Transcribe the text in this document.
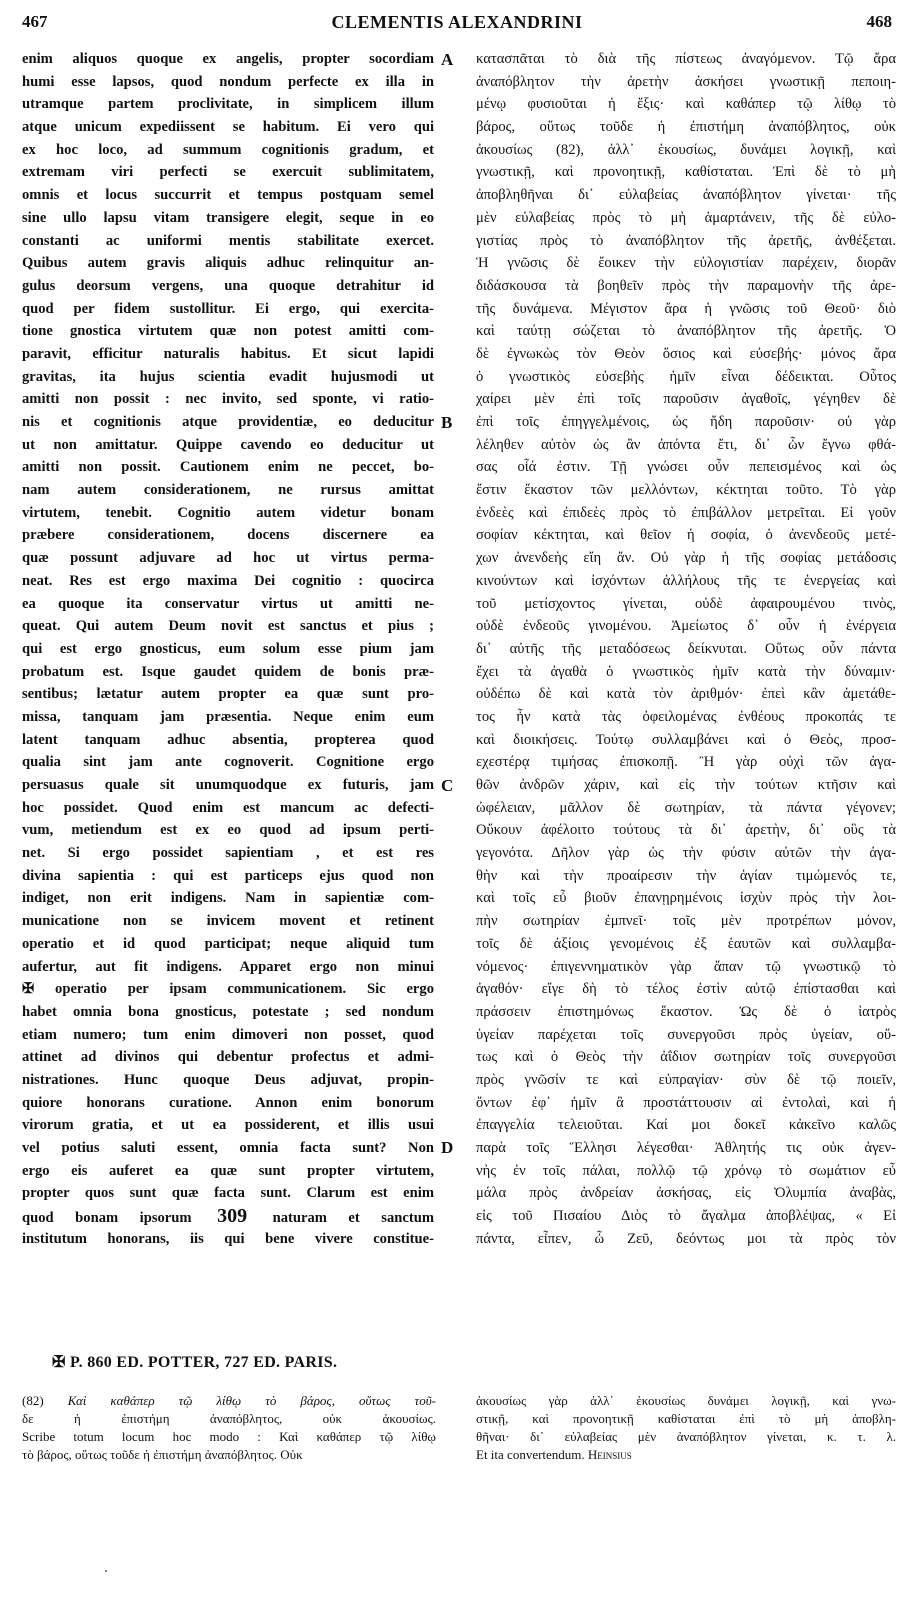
467	CLEMENTIS ALEXANDRINI	468
enim aliquos quoque ex angelis, propter socordiam
humi esse lapsos, quod nondum perfecte ex illa in
utramque partem proclivitate, in simplicem illum
atque unicum expediissent se habitum. Ei vero qui
ex hoc loco, ad summum cognitionis gradum, et
extremam viri perfecti se exercuit sublimitatem,
omnis et locus succurrit et tempus postquam semel
sine ullo lapsu vitam transigere elegit, seque in eo
constanti ac uniformi mentis stabilitate exercet.
Quibus autem gravis aliquis adhuc relinquitur an-
gulus deorsum vergens, una quoque detrahitur id
quod per fidem sustollitur. Ei ergo, qui exercita-
tione gnostica virtutem quæ non potest amitti com-
paravit, efficitur naturalis habitus. Et sicut lapidi
gravitas, ita hujus scientia evadit hujusmodi ut
amitti non possit : nec invito, sed sponte, vi ratio-
nis et cognitionis atque providentiæ, eo deducitur
ut non amittatur. Quippe cavendo eo deducitur ut
amitti non possit. Cautionem enim ne peccet, bo-
nam autem considerationem, ne rursus amittat
virtutem, tenebit. Cognitio autem videtur bonam
præbere considerationem, docens discernere ea
quæ possunt adjuvare ad hoc ut virtus perma-
neat. Res est ergo maxima Dei cognitio : quocirca
ea quoque ita conservatur virtus ut amitti ne-
queat. Qui autem Deum novit est sanctus et pius ;
qui est ergo gnosticus, eum solum esse pium jam
probatum est. Isque gaudet quidem de bonis præ-
sentibus; lætatur autem propter ea quæ sunt pro-
missa, tanquam jam præsentia. Neque enim eum
latent tanquam adhuc absentia, propterea quod
qualia sint jam ante cognoverit. Cognitione ergo
persuasus quale sit unumquodque ex futuris, jam
hoc possidet. Quod enim est mancum ac defecti-
vum, metiendum est ex eo quod ad ipsum perti-
net. Si ergo possidet sapientiam , et est res
divina sapientia : qui est particeps ejus quod non
indiget, non erit indigens. Nam in sapientiæ com-
municatione non se invicem movent et retinent
operatio et id quod participat; neque aliquid tum
aufertur, aut fit indigens. Apparet ergo non minui
✠ operatio per ipsam communicationem. Sic ergo
habet omnia bona gnosticus, potestate ; sed nondum
etiam numero; tum enim dimoveri non posset, quod
attinet ad divinos qui debentur profectus et admi-
nistrationes. Hunc quoque Deus adjuvat, propin-
quiore honorans curatione. Annon enim bonorum
virorum gratia, et ut ea possiderent, et illis usui
vel potius saluti essent, omnia facta sunt? Non
ergo eis auferet ea quæ sunt propter virtutem,
propter quos sunt quæ facta sunt. Clarum est enim
quod bonam ipsorum 309 naturam et sanctum
institutum honorans, iis qui bene vivere constitue-
κατασπᾶται τὸ διὰ τῆς πίστεως ἀναγόμενον. Τῷ ἄρα
ἀναπόβλητον τὴν ἀρετὴν ἀσκήσει γνωστικῇ πεποιη-
μένῳ φυσιοῦται ἡ ἕξις· καὶ καθάπερ τῷ λίθῳ τὸ
βάρος, οὕτως τοῦδε ἡ ἐπιστήμη ἀναπόβλητος, οὐκ
ἀκουσίως (82), ἀλλ᾽ ἑκουσίως, δυνάμει λογικῇ, καὶ
γνωστικῇ, καὶ προνοητικῇ, καθίσταται. Ἐπὶ δὲ τὸ μὴ
ἀποβληθῆναι δι᾽ εὐλαβείας ἀναπόβλητον γίνεται· τῆς
μὲν εὐλαβείας πρὸς τὸ μὴ ἁμαρτάνειν, τῆς δὲ εὐλο-
γιστίας πρὸς τὸ ἀναπόβλητον τῆς ἀρετῆς, ἀνθέξεται.
Ἡ γνῶσις δὲ ἔοικεν τὴν εὐλογιστίαν παρέχειν, διορᾶν
διδάσκουσα τὰ βοηθεῖν πρὸς τὴν παραμονὴν τῆς ἀρε-
τῆς δυνάμενα. Μέγιστον ἄρα ἡ γνῶσις τοῦ Θεοῦ· διὸ
καὶ ταύτῃ σώζεται τὸ ἀναπόβλητον τῆς ἀρετῆς. Ὁ
δὲ ἐγνωκὼς τὸν Θεὸν ὅσιος καὶ εὐσεβής· μόνος ἄρα
ὁ γνωστικὸς εὐσεβὴς ἡμῖν εἶναι δέδεικται. Οὗτος
χαίρει μὲν ἐπὶ τοῖς παροῦσιν ἀγαθοῖς, γέγηθεν δὲ
ἐπὶ τοῖς ἐπηγγελμένοις, ὡς ἤδη παροῦσιν· οὐ γὰρ
λέληθεν αὐτὸν ὡς ἂν ἀπόντα ἔτι, δι᾽ ὧν ἔγνω φθά-
σας οἷά ἐστιν. Τῇ γνώσει οὖν πεπεισμένος καὶ ὡς
ἔστιν ἕκαστον τῶν μελλόντων, κέκτηται τοῦτο. Τὸ γὰρ
ἐνδεὲς καὶ ἐπιδεὲς πρὸς τὸ ἐπιβάλλον μετρεῖται. Εἰ γοῦν
σοφίαν κέκτηται, καὶ θεῖον ἡ σοφία, ὁ ἀνενδεοῦς μετέ-
χων ἀνενδεὴς εἴη ἄν. Οὐ γὰρ ἡ τῆς σοφίας μετάδοσις
κινούντων καὶ ἰσχόντων ἀλλήλους τῆς τε ἐνεργείας καὶ
τοῦ μετίσχοντος γίνεται, οὐδὲ ἀφαιρουμένου τινὸς,
οὐδὲ ἐνδεοῦς γινομένου. Ἀμείωτος δ᾽ οὖν ἡ ἐνέργεια
δι᾽ αὐτῆς τῆς μεταδόσεως δείκνυται. Οὕτως οὖν πάντα
ἔχει τὰ ἀγαθὰ ὁ γνωστικὸς ἡμῖν κατὰ τὴν δύναμιν·
οὐδέπω δὲ καὶ κατὰ τὸν ἀριθμόν· ἐπεὶ κἂν ἀμετάθε-
τος ἦν κατὰ τὰς ὀφειλομένας ἐνθέους προκοπάς τε
καὶ διοικήσεις. Τούτῳ συλλαμβάνει καὶ ὁ Θεὸς, προσ-
εχεστέρᾳ τιμήσας ἐπισκοπῇ. Ἢ γὰρ οὐχὶ τῶν ἀγα-
θῶν ἀνδρῶν χάριν, καὶ εἰς τὴν τούτων κτῆσιν καὶ
ὠφέλειαν, μᾶλλον δὲ σωτηρίαν, τὰ πάντα γέγονεν;
Οὔκουν ἀφέλοιτο τούτους τὰ δι᾽ ἀρετὴν, δι᾽ οὓς τὰ
γεγονότα. Δῆλον γὰρ ὡς τὴν φύσιν αὐτῶν τὴν ἀγα-
θὴν καὶ τὴν προαίρεσιν τὴν ἁγίαν τιμώμενός τε,
καὶ τοῖς εὖ βιοῦν ἐπανῃρημένοις ἰσχὺν πρὸς τὴν λοι-
πὴν σωτηρίαν ἐμπνεῖ· τοῖς μὲν προτρέπων μόνον,
τοῖς δὲ ἀξίοις γενομένοις ἐξ ἑαυτῶν καὶ συλλαμβα-
νόμενος· ἐπιγεννηματικὸν γὰρ ἅπαν τῷ γνωστικῷ τὸ
ἀγαθόν· εἴγε δὴ τὸ τέλος ἐστὶν αὐτῷ ἐπίστασθαι καὶ
πράσσειν ἐπιστημόνως ἕκαστον. Ὡς δὲ ὁ ἰατρὸς
ὑγείαν παρέχεται τοῖς συνεργοῦσι πρὸς ὑγείαν, οὕ-
τως καὶ ὁ Θεὸς τὴν ἀΐδιον σωτηρίαν τοῖς συνεργοῦσι
πρὸς γνῶσίν τε καὶ εὐπραγίαν· σὺν δὲ τῷ ποιεῖν,
ὄντων ἐφ᾽ ἡμῖν ἃ προστάττουσιν αἱ ἐντολαὶ, καὶ ἡ
ἐπαγγελία τελειοῦται. Καί μοι δοκεῖ κἀκεῖνο καλῶς
παρὰ τοῖς Ἕλλησι λέγεσθαι· Ἀθλητής τις οὐκ ἀγεν-
νὴς ἐν τοῖς πάλαι, πολλῷ τῷ χρόνῳ τὸ σωμάτιον εὖ
μάλα πρὸς ἀνδρείαν ἀσκήσας, εἰς Ὀλυμπία ἀναβὰς,
εἰς τοῦ Πισαίου Διὸς τὸ ἄγαλμα ἀποβλέψας, « Εἰ
πάντα, εἶπεν, ὦ Ζεῦ, δεόντως μοι τὰ πρὸς τὸν
A
B
C
D
✠ P. 860 ED. POTTER, 727 ED. PARIS.
(82) Καὶ καθάπερ τῷ λίθῳ τὸ βάρος, οὕτως τοῦ-
δε ἡ ἐπιστήμη ἀναπόβλητος, οὐκ ἀκουσίως.
Scribe totum locum hoc modo : Καὶ καθάπερ τῷ λίθῳ
τὸ βάρος, οὕτως τοῦδε ἡ ἐπιστήμη ἀναπόβλητος. Οὐκ
ἀκουσίως γὰρ ἀλλ᾽ ἑκουσίως δυνάμει λογικῇ, καὶ γνω-
στικῇ, καὶ προνοητικῇ καθίσταται ἐπὶ τὸ μὴ ἀποβλη-
θῆναι· δι᾽ εὐλαβείας μὲν ἀναπόβλητον γίνεται, κ. τ. λ.
Et ita convertendum. Heinsius
